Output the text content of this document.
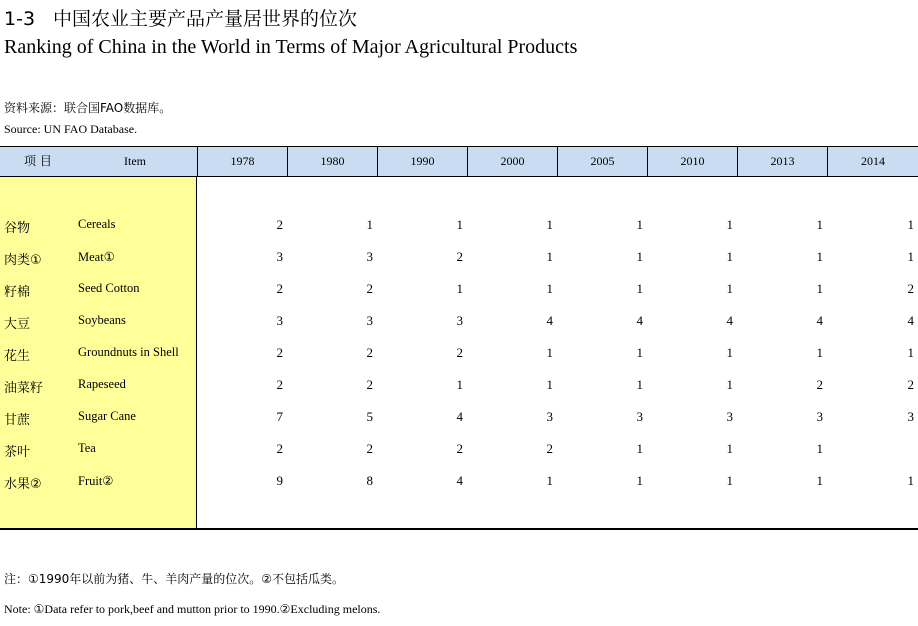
1-3 中国农业主要产品产量居世界的位次
Ranking of China in the World in Terms of Major Agricultural Products
资料来源：联合国FAO数据库。
Source: UN FAO Database.
项 目	Item	1978	1980	1990	2000	2005	2010	2013	2014
谷物	Cereals	2	1	1	1	1	1	1	1
肉类①	Meat①	3	3	2	1	1	1	1	1
籽棉	Seed Cotton	2	2	1	1	1	1	1	2
大豆	Soybeans	3	3	3	4	4	4	4	4
花生	Groundnuts in Shell	2	2	2	1	1	1	1	1
油菜籽	Rapeseed	2	2	1	1	1	1	2	2
甘蔗	Sugar Cane	7	5	4	3	3	3	3	3
茶叶	Tea	2	2	2	2	1	1	1
水果②	Fruit②	9	8	4	1	1	1	1	1
注：①1990年以前为猪、牛、羊肉产量的位次。②不包括瓜类。
Note: ①Data refer to pork,beef and mutton prior to 1990.②Excluding melons.
